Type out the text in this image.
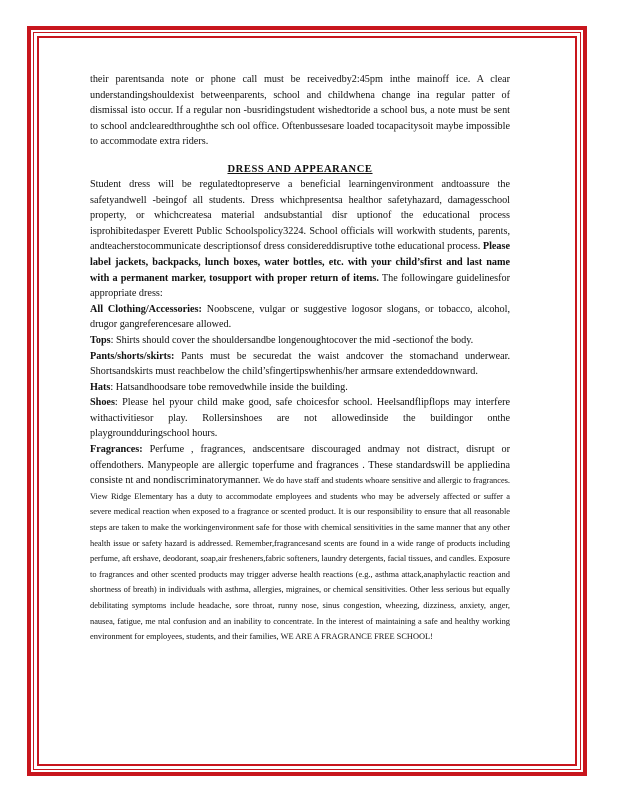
their parentsanda note or phone call must be receivedby2:45pm inthe mainoff ice. A clear understandingshouldexist betweenparents, school and childwhena change ina regular patter of dismissal isto occur. If a regular non -busridingstudent wishedtoride a school bus, a note must be sent to school andclearedthroughthe sch ool office. Oftenbussesare loaded tocapacitysoit maybe impossible to accommodate extra riders.

DRESS AND APPEARANCE

Student dress will be regulatedtopreserve a beneficial learningenvironment andtoassure the safetyandwell -beingof all students. Dress whichpresentsa healthor safetyhazard, damagesschool property, or whichcreatesa material andsubstantial disr uptionof the educational process isprohibitedasper Everett Public Schoolspolicy3224. School officials will workwith students, parents, andteacherstocommunicate descriptionsof dress considereddisruptive tothe educational process. Please label jackets, backpacks, lunch boxes, water bottles, etc. with your child’sfirst and last name with a permanent marker, tosupport with proper return of items. The followingare guidelinesfor appropriate dress:

All Clothing/Accessories: Noobscene, vulgar or suggestive logosor slogans, or tobacco, alcohol, drugor gangreferencesare allowed.

Tops: Shirts should cover the shouldersandbe longenoughtocover the mid -sectionof the body.

Pants/shorts/skirts: Pants must be securedat the waist andcover the stomachand underwear. Shortsandskirts must reachbelow the child’sfingertipswhenhis/her armsare extendeddownward.

Hats: Hatsandhoodsare tobe removedwhile inside the building.

Shoes: Please hel pyour child make good, safe choicesfor school. Heelsandflipflops may interfere withactivitiesor play. Rollersinshoes are not allowedinside the buildingor onthe playgroundduringschool hours.

Fragrances: Perfume , fragrances, andscentsare discouraged andmay not distract, disrupt or offendothers. Manypeople are allergic toperfume and fragrances . These standardswill be appliedina consiste nt and nondiscriminatorymanner. We do have staff and students whoare sensitive and allergic to fragrances. View Ridge Elementary has a duty to accommodate employees and students who may be adversely affected or suffer a severe medical reaction when exposed to a fragrance or scented product. It is our responsibility to ensure that all reasonable steps are taken to make the workingenvironment safe for those with chemical sensitivities in the same manner that any other health issue or safety hazard is addressed. Remember,fragrancesand scents are found in a wide range of products including perfume, aft ershave, deodorant, soap,air fresheners,fabric softeners, laundry detergents, facial tissues, and candles. Exposure to fragrances and other scented products may trigger adverse health reactions (e.g., asthma attack,anaphylactic reaction and shortness of breath) in individuals with asthma, allergies, migraines, or chemical sensitivities. Other less serious but equally debilitating symptoms include headache, sore throat, runny nose, sinus congestion, wheezing, dizziness, anxiety, anger, nausea, fatigue, me ntal confusion and an inability to concentrate. In the interest of maintaining a safe and healthy working environment for employees, students, and their families, WE ARE A FRAGRANCE FREE SCHOOL!
